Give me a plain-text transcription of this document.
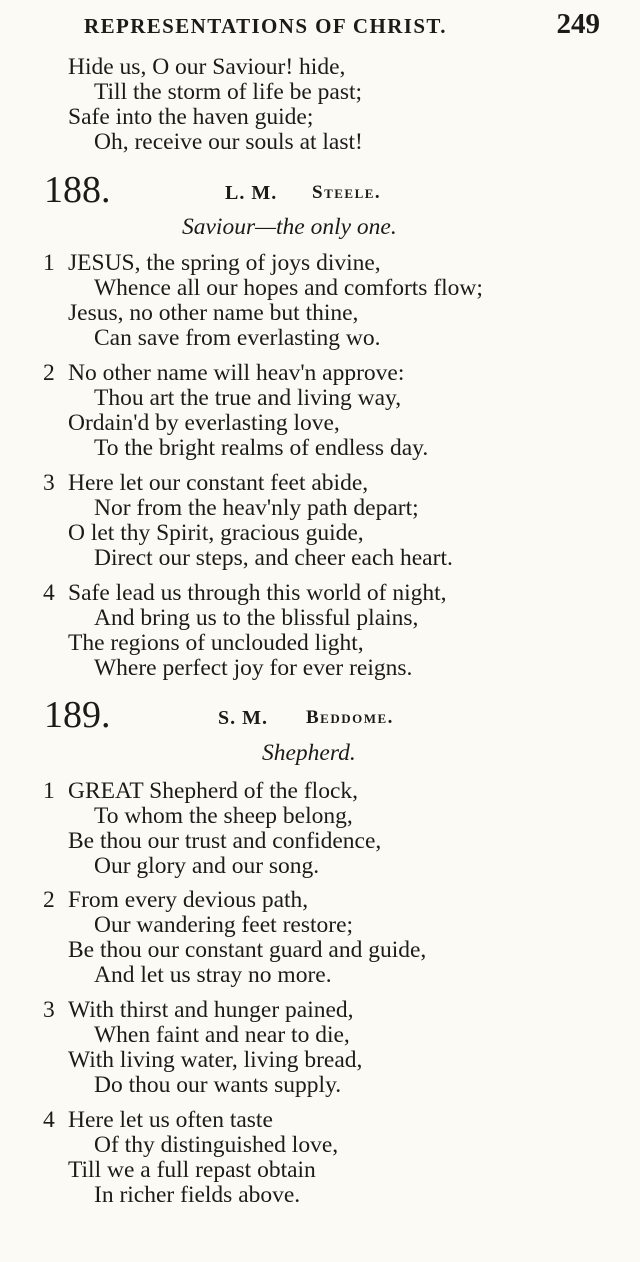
REPRESENTATIONS OF CHRIST.	249
Hide us, O our Saviour! hide,
Till the storm of life be past;
Safe into the haven guide;
Oh, receive our souls at last!
188.	L. M. Steele.
Saviour—the only one.
1 JESUS, the spring of joys divine,
Whence all our hopes and comforts flow;
Jesus, no other name but thine,
Can save from everlasting wo.
2 No other name will heav'n approve:
Thou art the true and living way,
Ordain'd by everlasting love,
To the bright realms of endless day.
3 Here let our constant feet abide,
Nor from the heav'nly path depart;
O let thy Spirit, gracious guide,
Direct our steps, and cheer each heart.
4 Safe lead us through this world of night,
And bring us to the blissful plains,
The regions of unclouded light,
Where perfect joy for ever reigns.
189.	S. M. Beddome.
Shepherd.
1 GREAT Shepherd of the flock,
To whom the sheep belong,
Be thou our trust and confidence,
Our glory and our song.
2 From every devious path,
Our wandering feet restore;
Be thou our constant guard and guide,
And let us stray no more.
3 With thirst and hunger pained,
When faint and near to die,
With living water, living bread,
Do thou our wants supply.
4 Here let us often taste
Of thy distinguished love,
Till we a full repast obtain
In richer fields above.
